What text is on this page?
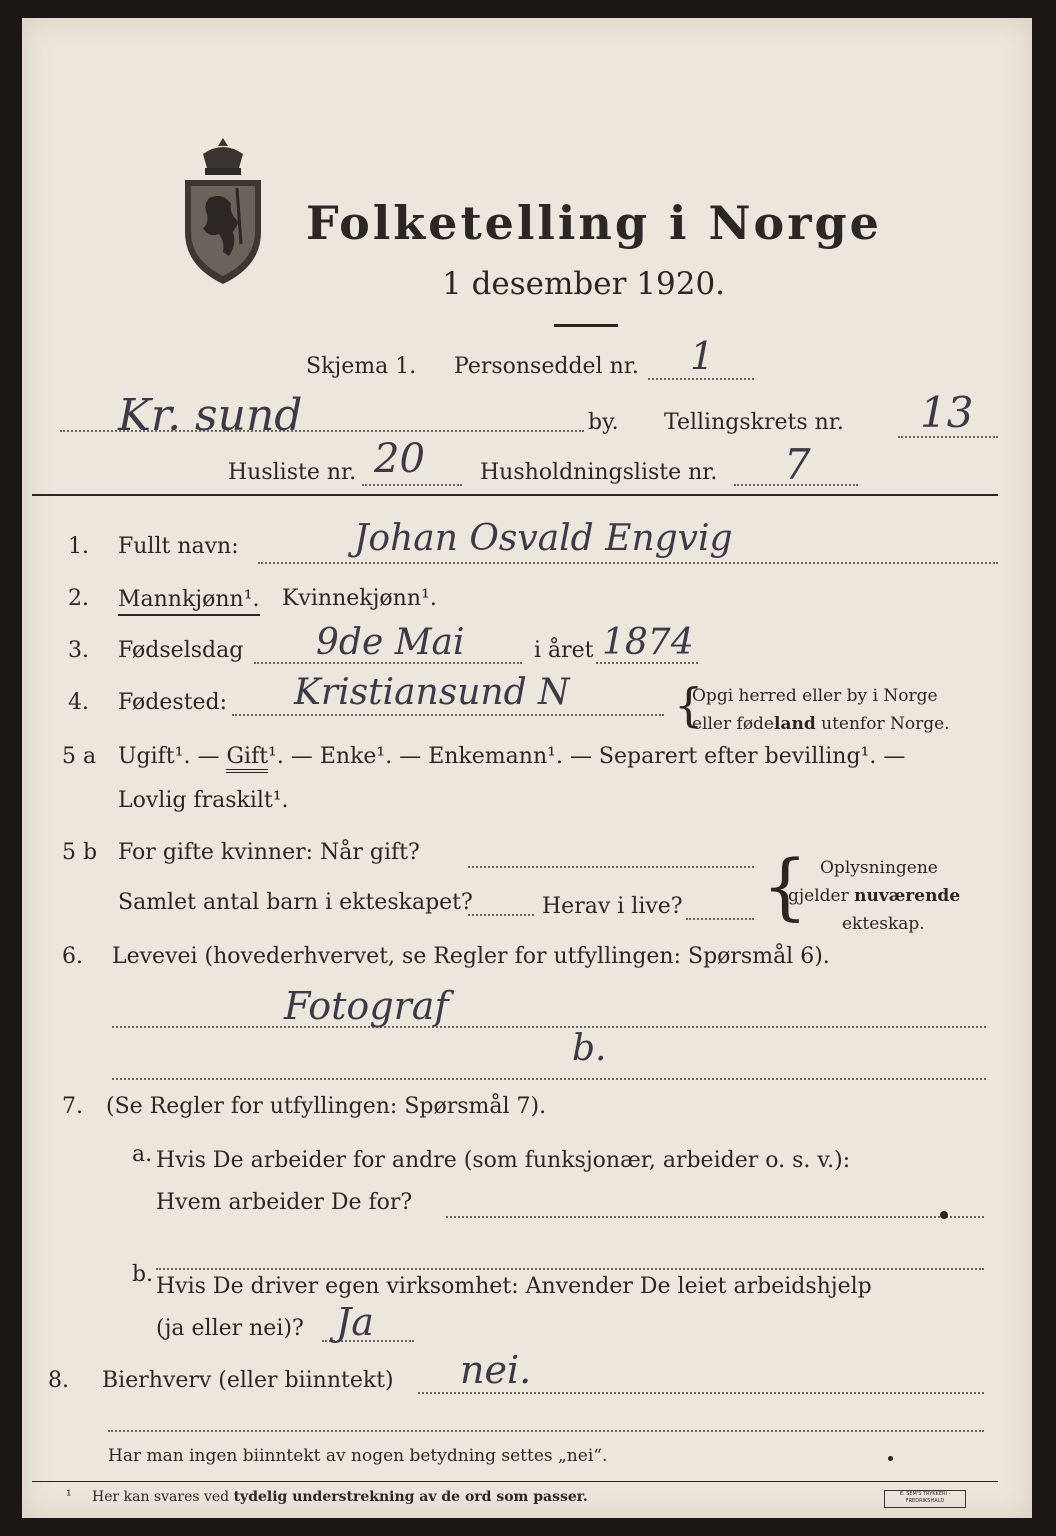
Folketelling i Norge
1 desember 1920.
Skjema 1. Personseddel nr. 1
Kr. sund	by. Tellingskrets nr. 13
Husliste nr. 20	Husholdningsliste nr. 7
1. Fullt navn:	Johan Osvald Engvig
2. Mannkjønn¹. Kvinnekjønn¹.
3. Fødselsdag 9de Mai	i året 1874
4. Fødested: Kristiansund N {
Opgi herred eller by i Norge
eller fødeland utenfor Norge.
5 a Ugift¹. — Gift¹. — Enke¹. — Enkemann¹. — Separert efter bevilling¹. —
Lovlig fraskilt¹.
5 b For gifte kvinner: Når gift?
Samlet antal barn i ekteskapet?	Herav i live? { Oplysningene
gjelder nuværende
ekteskap.
6. Levevei (hovederhvervet, se Regler for utfyllingen: Spørsmål 6).
Fotograf
b.
7. (Se Regler for utfyllingen: Spørsmål 7).
a. Hvis De arbeider for andre (som funksjonær, arbeider o. s. v.):
Hvem arbeider De for?
b. Hvis De driver egen virksomhet: Anvender De leiet arbeidshjelp
(ja eller nei)? Ja
8. Bierhverv (eller biinntekt) nei.
Har man ingen biinntekt av nogen betydning settes „nei“.
¹ Her kan svares ved tydelig understrekning av de ord som passer.	E. SEM'S TRYKKERI · FREDRIKSHALD
